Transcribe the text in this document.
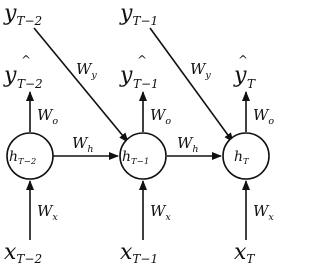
$y_{T-2}$	$y_{T-1}$
$W_y$	$W_y$
y
^
T−2	y
^
T−1	y
^
T
$W_o$	$W_o$	$W_o$
$W_h$	$W_h$
$h_{T-2}$	$h_{T-1}$	$h_T$
$W_x$	$W_x$	$W_x$
xT−2	xT−1	xT
